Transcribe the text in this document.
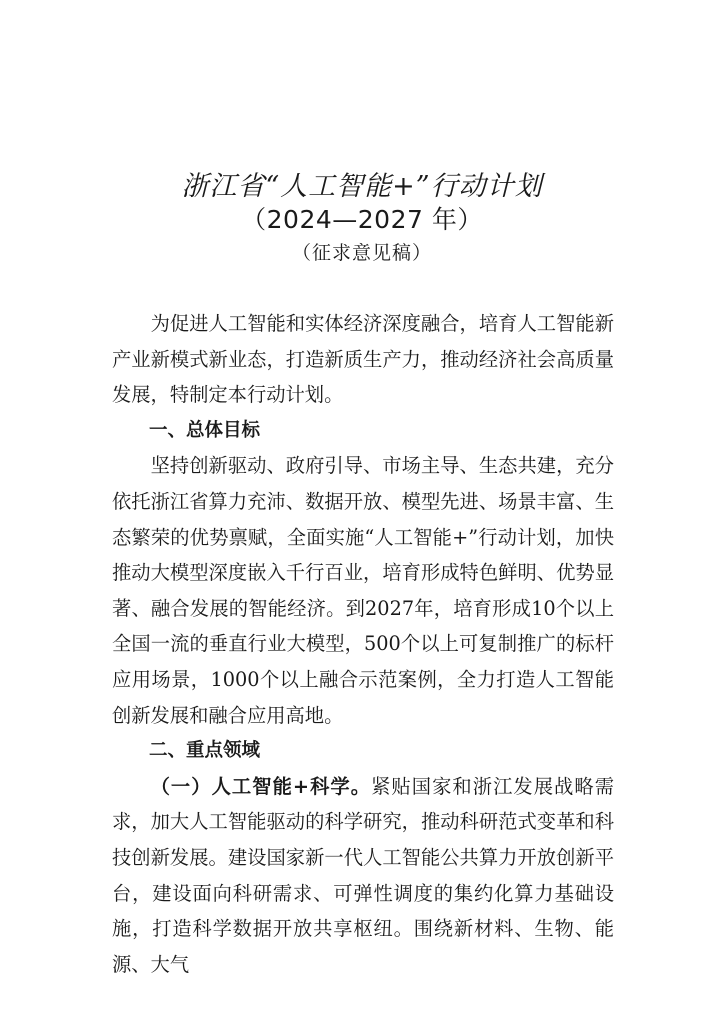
浙江省“人工智能+”行动计划
（2024—2027 年）
（征求意见稿）

为促进人工智能和实体经济深度融合，培育人工智能新产业新模式新业态，打造新质生产力，推动经济社会高质量发展，特制定本行动计划。

一、总体目标

坚持创新驱动、政府引导、市场主导、生态共建，充分依托浙江省算力充沛、数据开放、模型先进、场景丰富、生态繁荣的优势禀赋，全面实施“人工智能+”行动计划，加快推动大模型深度嵌入千行百业，培育形成特色鲜明、优势显著、融合发展的智能经济。到2027年，培育形成10个以上全国一流的垂直行业大模型，500个以上可复制推广的标杆应用场景，1000个以上融合示范案例，全力打造人工智能创新发展和融合应用高地。

二、重点领域

（一）人工智能+科学。紧贴国家和浙江发展战略需求，加大人工智能驱动的科学研究，推动科研范式变革和科技创新发展。建设国家新一代人工智能公共算力开放创新平台，建设面向科研需求、可弹性调度的集约化算力基础设施，打造科学数据开放共享枢纽。围绕新材料、生物、能源、大气
